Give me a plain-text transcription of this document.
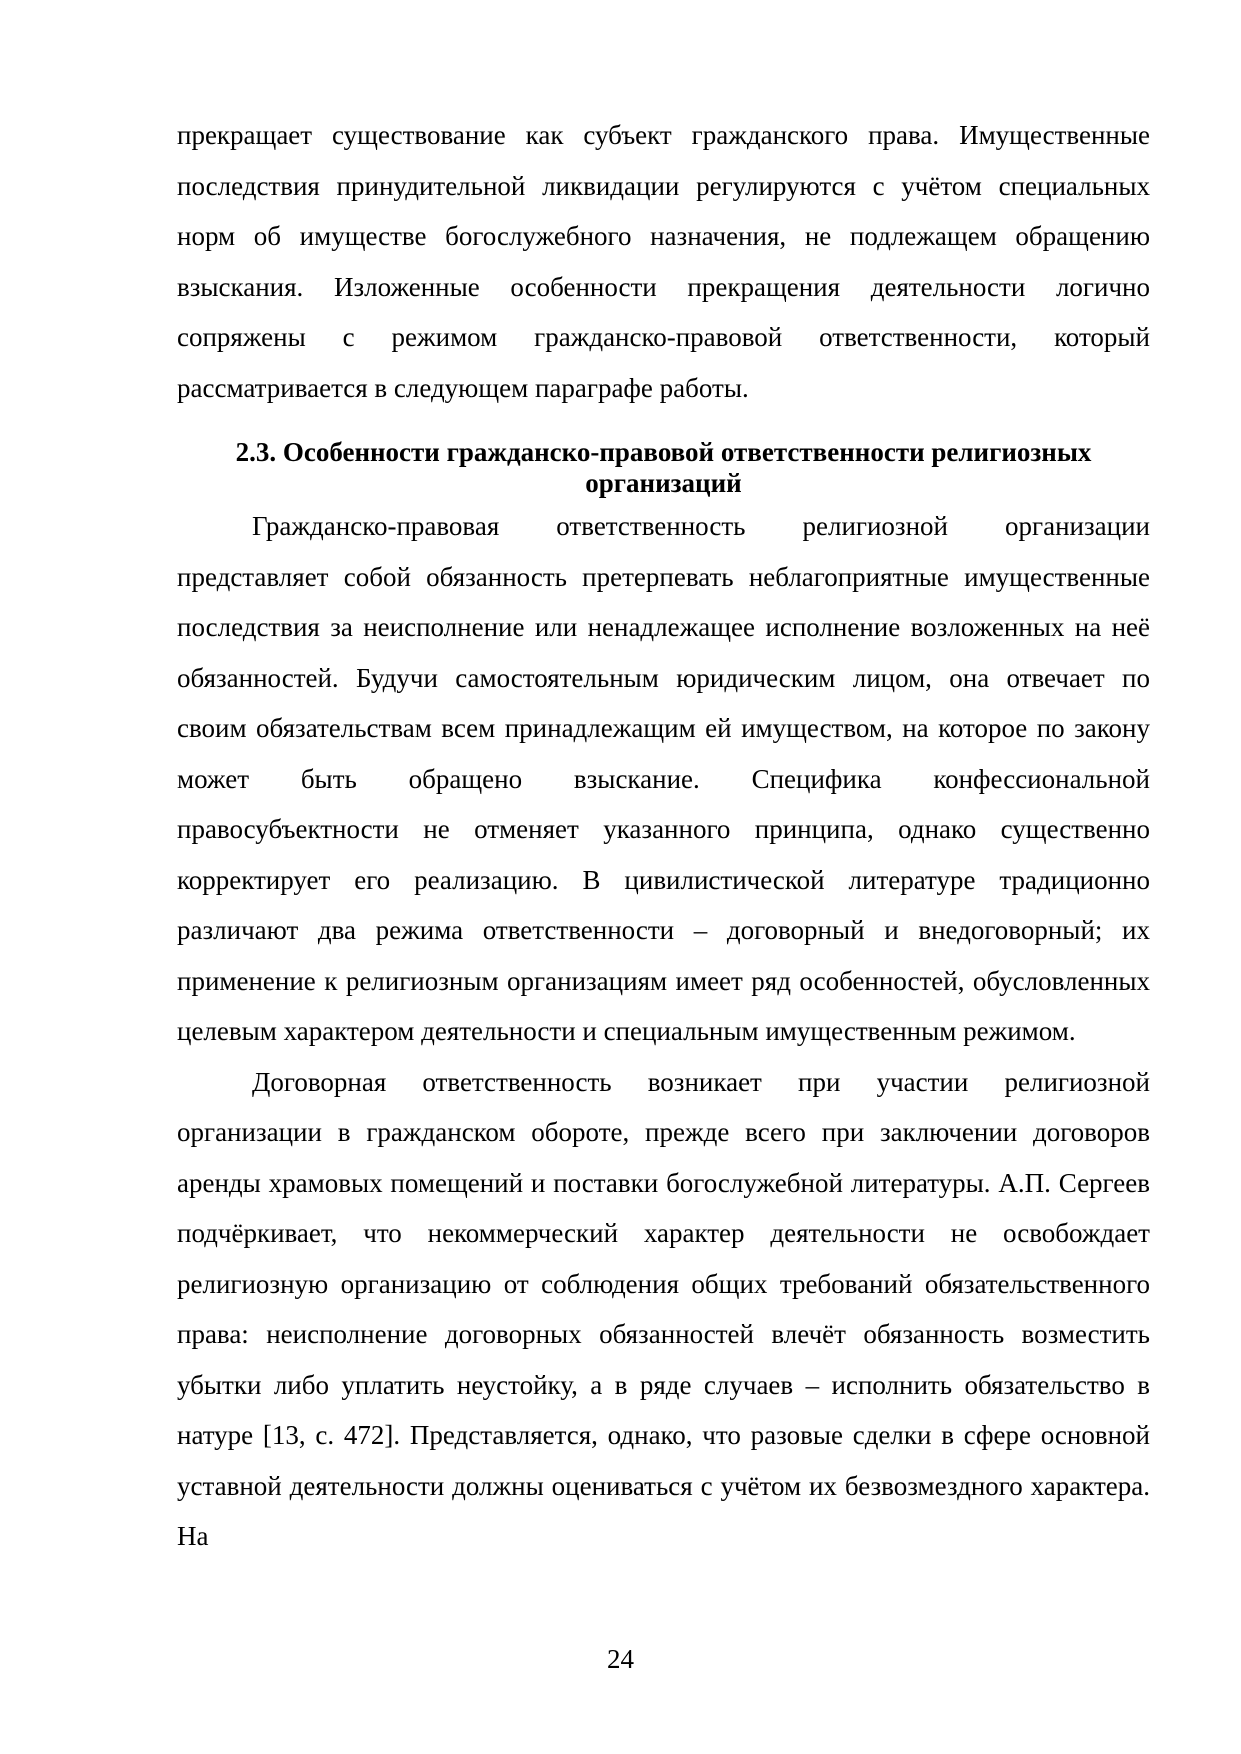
прекращает существование как субъект гражданского права. Имущественные последствия принудительной ликвидации регулируются с учётом специальных норм об имуществе богослужебного назначения, не подлежащем обращению взыскания. Изложенные особенности прекращения деятельности логично сопряжены с режимом гражданско-правовой ответственности, который рассматривается в следующем параграфе работы.

2.3. Особенности гражданско-правовой ответственности религиозных организаций

Гражданско-правовая ответственность религиозной организации представляет собой обязанность претерпевать неблагоприятные имущественные последствия за неисполнение или ненадлежащее исполнение возложенных на неё обязанностей. Будучи самостоятельным юридическим лицом, она отвечает по своим обязательствам всем принадлежащим ей имуществом, на которое по закону может быть обращено взыскание. Специфика конфессиональной правосубъектности не отменяет указанного принципа, однако существенно корректирует его реализацию. В цивилистической литературе традиционно различают два режима ответственности – договорный и внедоговорный; их применение к религиозным организациям имеет ряд особенностей, обусловленных целевым характером деятельности и специальным имущественным режимом.

Договорная ответственность возникает при участии религиозной организации в гражданском обороте, прежде всего при заключении договоров аренды храмовых помещений и поставки богослужебной литературы. А.П. Сергеев подчёркивает, что некоммерческий характер деятельности не освобождает религиозную организацию от соблюдения общих требований обязательственного права: неисполнение договорных обязанностей влечёт обязанность возместить убытки либо уплатить неустойку, а в ряде случаев – исполнить обязательство в натуре [13, с. 472]. Представляется, однако, что разовые сделки в сфере основной уставной деятельности должны оцениваться с учётом их безвозмездного характера. На

24
